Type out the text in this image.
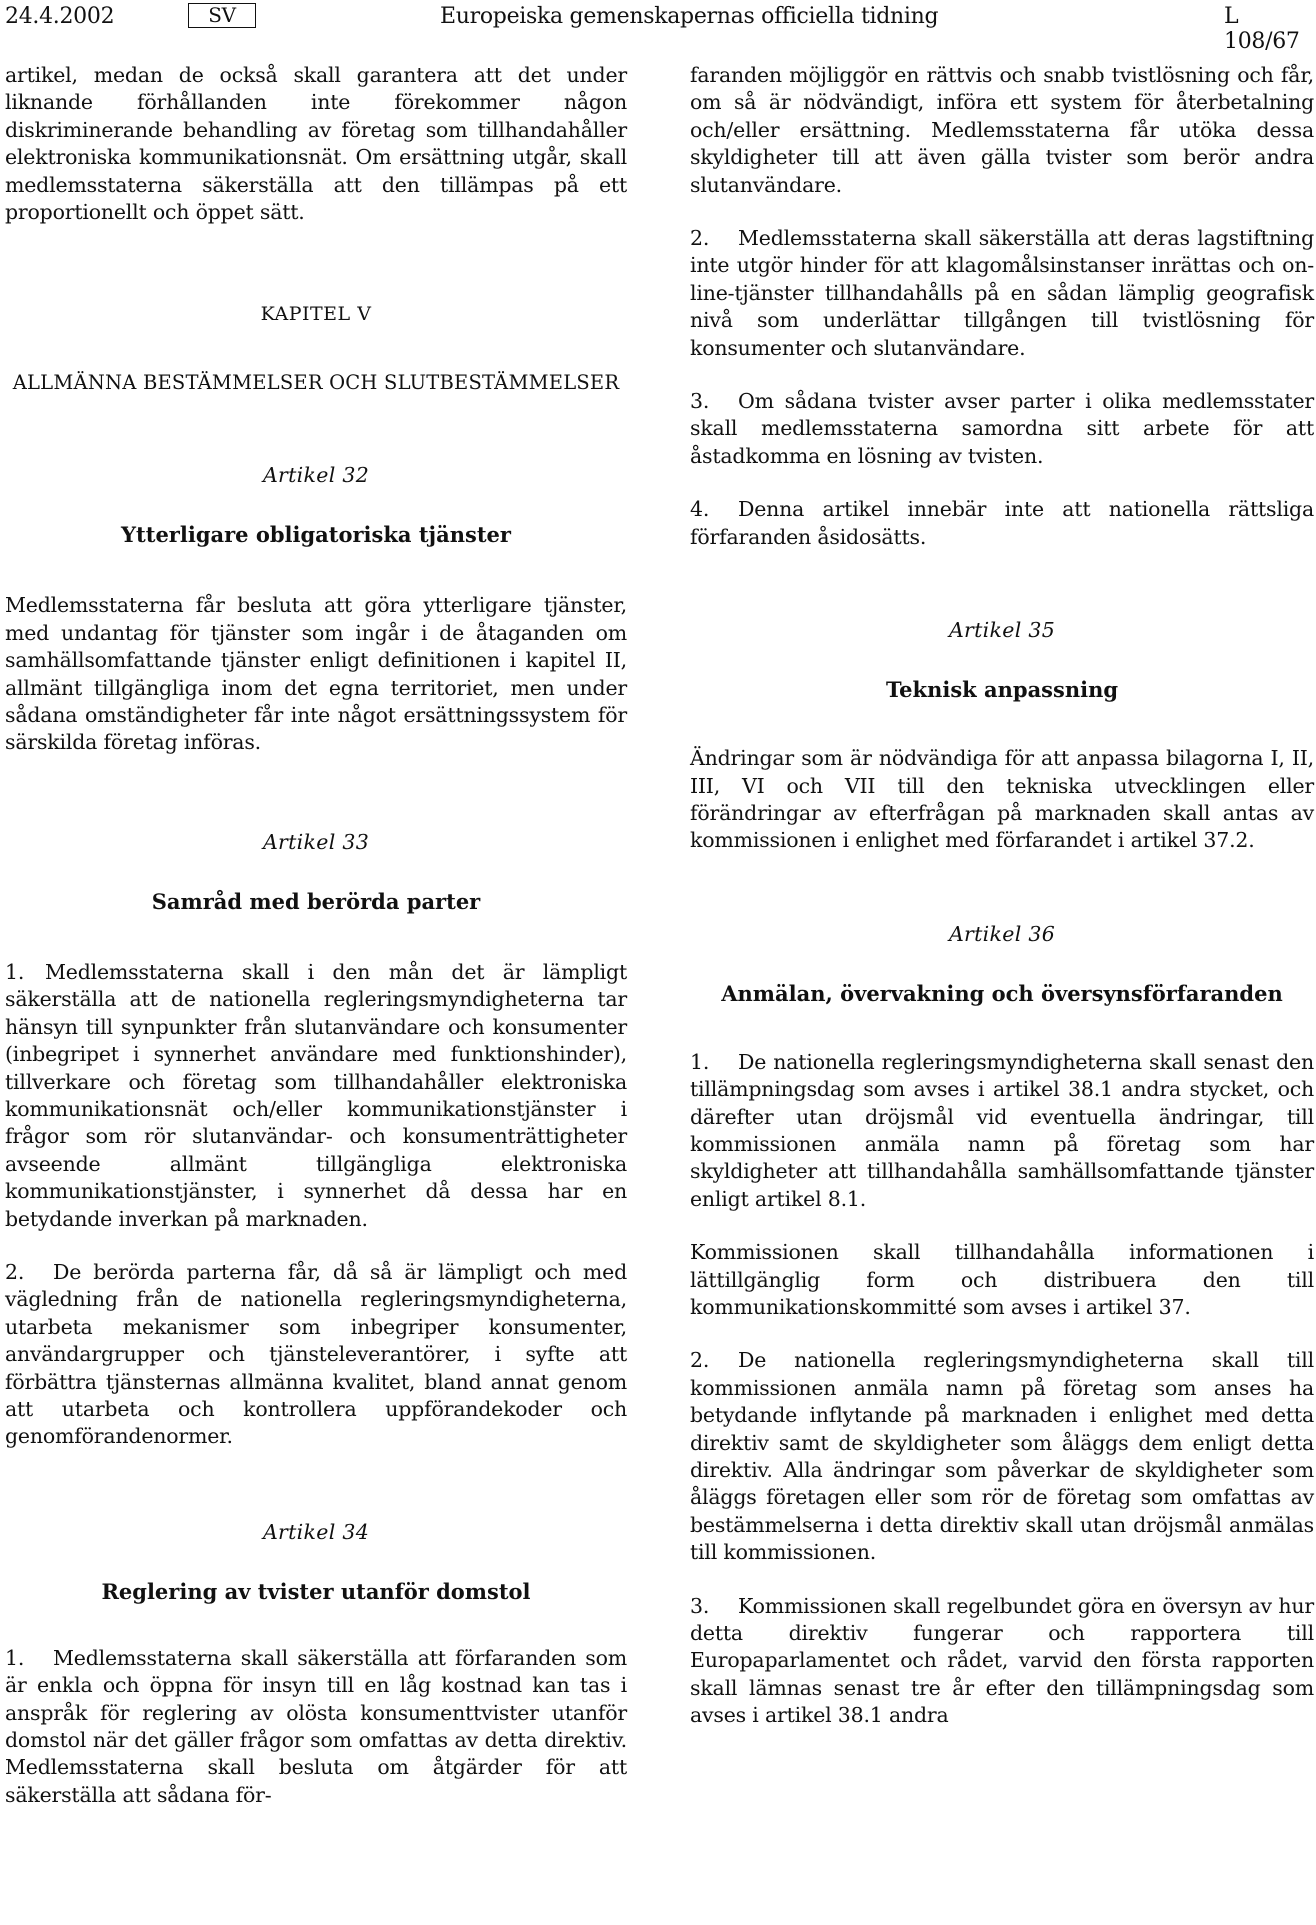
24.4.2002	SV	Europeiska gemenskapernas officiella tidning	L 108/67

artikel, medan de också skall garantera att det under liknande förhållanden inte förekommer någon diskriminerande behandling av företag som tillhandahåller elektroniska kommunikationsnät. Om ersättning utgår, skall medlemsstaterna säkerställa att den tillämpas på ett proportionellt och öppet sätt.

KAPITEL V

ALLMÄNNA BESTÄMMELSER OCH SLUTBESTÄMMELSER

Artikel 32

Ytterligare obligatoriska tjänster

Medlemsstaterna får besluta att göra ytterligare tjänster, med undantag för tjänster som ingår i de åtaganden om samhällsomfattande tjänster enligt definitionen i kapitel II, allmänt tillgängliga inom det egna territoriet, men under sådana omständigheter får inte något ersättningssystem för särskilda företag införas.

Artikel 33

Samråd med berörda parter

1. Medlemsstaterna skall i den mån det är lämpligt säkerställa att de nationella regleringsmyndigheterna tar hänsyn till synpunkter från slutanvändare och konsumenter (inbegripet i synnerhet användare med funktionshinder), tillverkare och företag som tillhandahåller elektroniska kommunikationsnät och/eller kommunikationstjänster i frågor som rör slutanvändar- och konsumenträttigheter avseende allmänt tillgängliga elektroniska kommunikationstjänster, i synnerhet då dessa har en betydande inverkan på marknaden.

2. De berörda parterna får, då så är lämpligt och med vägledning från de nationella regleringsmyndigheterna, utarbeta mekanismer som inbegriper konsumenter, användargrupper och tjänsteleverantörer, i syfte att förbättra tjänsternas allmänna kvalitet, bland annat genom att utarbeta och kontrollera uppförandekoder och genomförandenormer.

Artikel 34

Reglering av tvister utanför domstol

1. Medlemsstaterna skall säkerställa att förfaranden som är enkla och öppna för insyn till en låg kostnad kan tas i anspråk för reglering av olösta konsumenttvister utanför domstol när det gäller frågor som omfattas av detta direktiv. Medlemsstaterna skall besluta om åtgärder för att säkerställa att sådana för-

faranden möjliggör en rättvis och snabb tvistlösning och får, om så är nödvändigt, införa ett system för återbetalning och/eller ersättning. Medlemsstaterna får utöka dessa skyldigheter till att även gälla tvister som berör andra slutanvändare.

2. Medlemsstaterna skall säkerställa att deras lagstiftning inte utgör hinder för att klagomålsinstanser inrättas och on-line-tjänster tillhandahålls på en sådan lämplig geografisk nivå som underlättar tillgången till tvistlösning för konsumenter och slutanvändare.

3. Om sådana tvister avser parter i olika medlemsstater skall medlemsstaterna samordna sitt arbete för att åstadkomma en lösning av tvisten.

4. Denna artikel innebär inte att nationella rättsliga förfaranden åsidosätts.

Artikel 35

Teknisk anpassning

Ändringar som är nödvändiga för att anpassa bilagorna I, II, III, VI och VII till den tekniska utvecklingen eller förändringar av efterfrågan på marknaden skall antas av kommissionen i enlighet med förfarandet i artikel 37.2.

Artikel 36

Anmälan, övervakning och översynsförfaranden

1. De nationella regleringsmyndigheterna skall senast den tillämpningsdag som avses i artikel 38.1 andra stycket, och därefter utan dröjsmål vid eventuella ändringar, till kommissionen anmäla namn på företag som har skyldigheter att tillhandahålla samhällsomfattande tjänster enligt artikel 8.1.

Kommissionen skall tillhandahålla informationen i lättillgänglig form och distribuera den till kommunikationskommitté som avses i artikel 37.

2. De nationella regleringsmyndigheterna skall till kommissionen anmäla namn på företag som anses ha betydande inflytande på marknaden i enlighet med detta direktiv samt de skyldigheter som åläggs dem enligt detta direktiv. Alla ändringar som påverkar de skyldigheter som åläggs företagen eller som rör de företag som omfattas av bestämmelserna i detta direktiv skall utan dröjsmål anmälas till kommissionen.

3. Kommissionen skall regelbundet göra en översyn av hur detta direktiv fungerar och rapportera till Europaparlamentet och rådet, varvid den första rapporten skall lämnas senast tre år efter den tillämpningsdag som avses i artikel 38.1 andra
